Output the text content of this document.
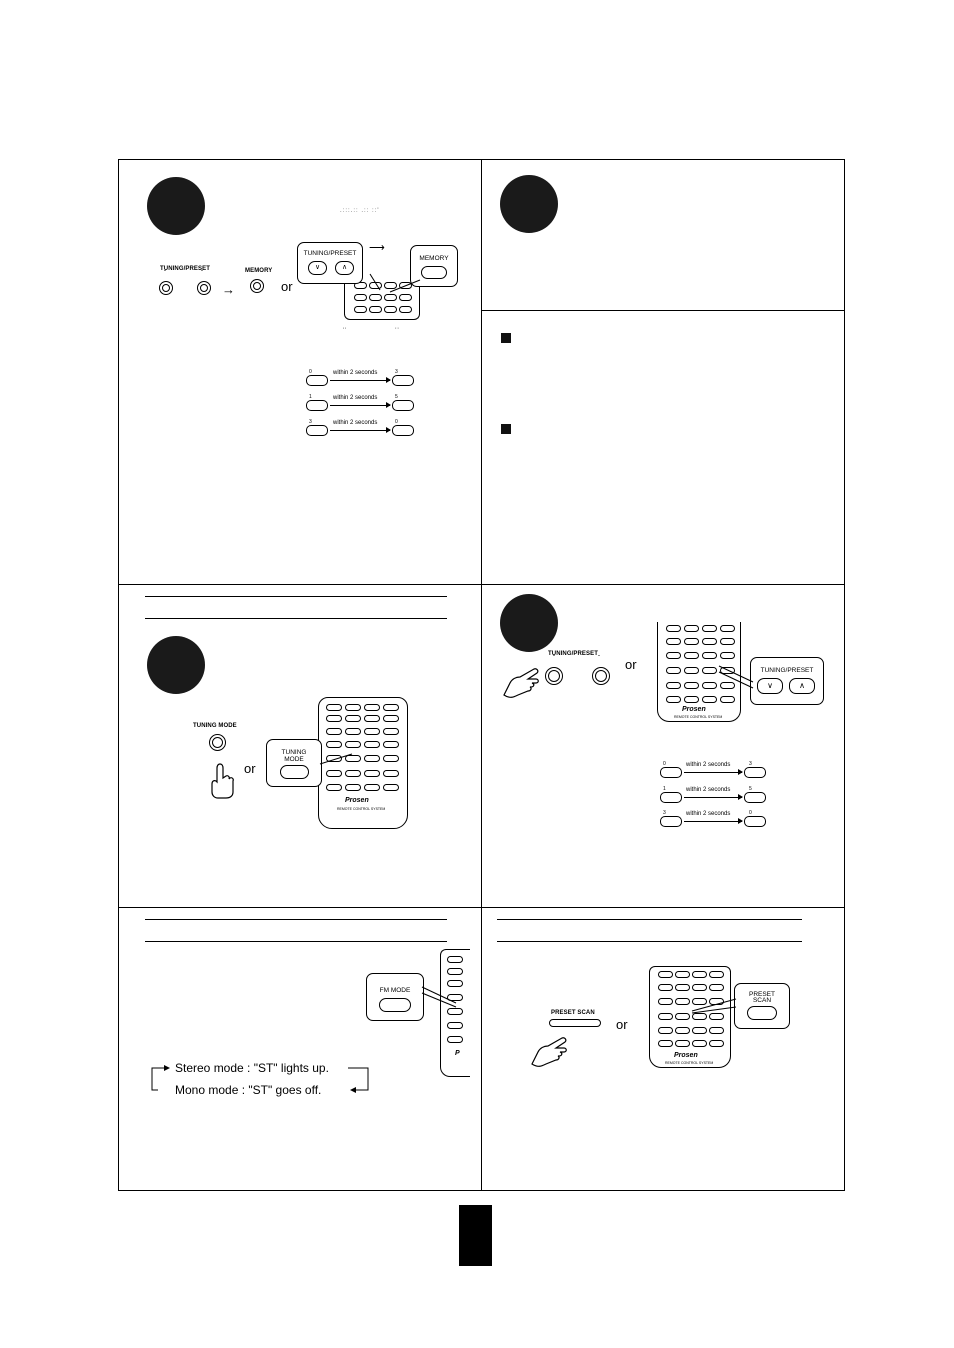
.:::.:: .:: ::'
TUNING/PRESET
ˇ	ˆ
→
MEMORY
or
TUNING/PRESET
∨	∧
⟶
MEMORY
''                  ''
0	within 2 seconds	3
1	within 2 seconds	5
3	within 2 seconds	0
TUNING MODE
or
Prosen
REMOTE CONTROL SYSTEM
TUNING
MODE
TUNING/PRESET
ˇ	ˆ or
Prosen
REMOTE CONTROL SYSTEM
TUNING/PRESET
∨	∧
0	within 2 seconds	3
1	within 2 seconds	5
3	within 2 seconds	0
P
FM MODE
Stereo mode : "ST" lights up.
Mono mode : "ST" goes off.
PRESET SCAN
or
Prosen
REMOTE CONTROL SYSTEM
PRESET
SCAN
